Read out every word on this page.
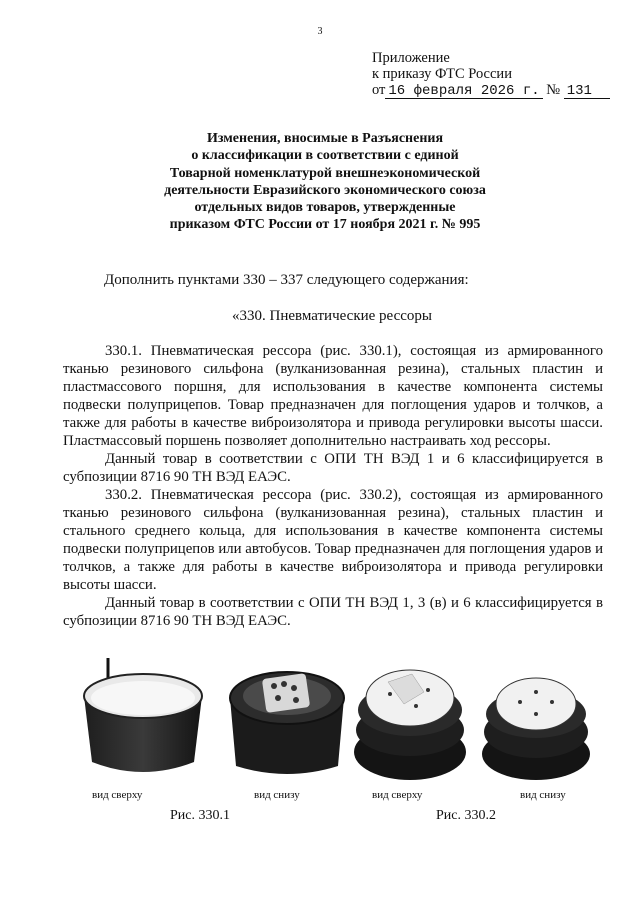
3
Приложение
к приказу ФТС России
от 16 февраля 2026 г. № 131
Изменения, вносимые в Разъяснения
о классификации в соответствии с единой
Товарной номенклатурой внешнеэкономической
деятельности Евразийского экономического союза
отдельных видов товаров, утвержденные
приказом ФТС России от 17 ноября 2021 г. № 995
Дополнить пунктами 330 – 337 следующего содержания:
«330. Пневматические рессоры

330.1. Пневматическая рессора (рис. 330.1), состоящая из армированного тканью резинового сильфона (вулканизованная резина), стальных пластин и пластмассового поршня, для использования в качестве компонента системы подвески полуприцепов. Товар предназначен для поглощения ударов и толчков, а также для работы в качестве виброизолятора и привода регулировки высоты шасси. Пластмассовый поршень позволяет дополнительно настраивать ход рессоры.

Данный товар в соответствии с ОПИ ТН ВЭД 1 и 6 классифицируется в субпозиции 8716 90 ТН ВЭД ЕАЭС.

330.2. Пневматическая рессора (рис. 330.2), состоящая из армированного тканью резинового сильфона (вулканизованная резина), стальных пластин и стального среднего кольца, для использования в качестве компонента системы подвески полуприцепов или автобусов. Товар предназначен для поглощения ударов и толчков, а также для работы в качестве виброизолятора и привода регулировки высоты шасси.

Данный товар в соответствии с ОПИ ТН ВЭД 1, 3 (в) и 6 классифицируется в субпозиции 8716 90 ТН ВЭД ЕАЭС.

вид сверху	вид снизу	вид сверху	вид снизу
Рис. 330.1	Рис. 330.2
